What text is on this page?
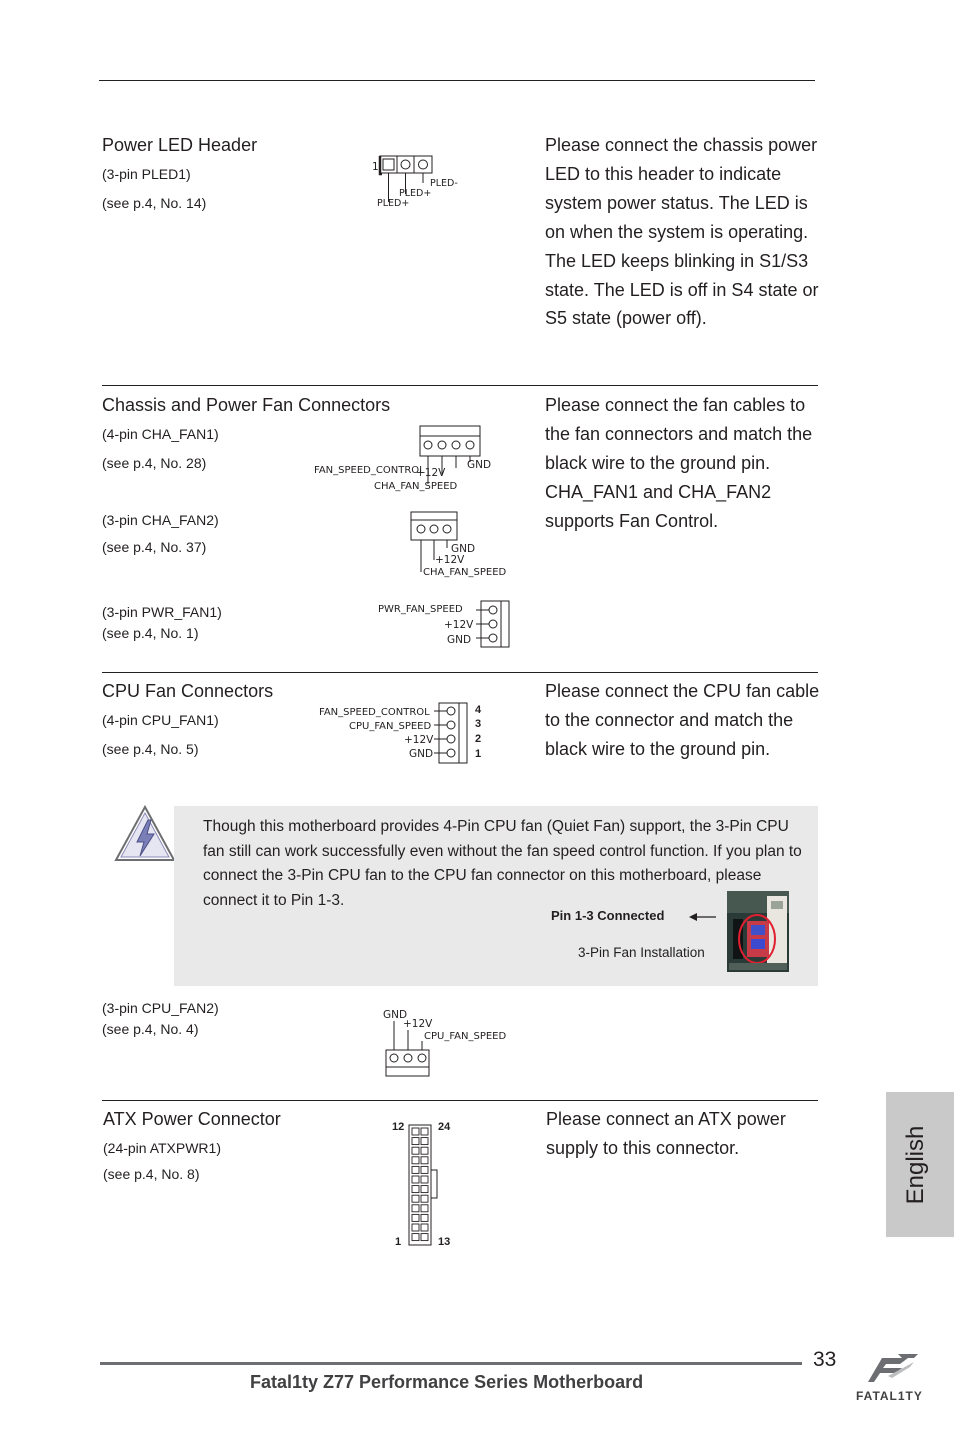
Power LED Header
(3-pin PLED1)
(see p.4, No. 14)
Please connect the chassis power LED to this header to indicate system power status. The LED is on when the system is operating. The LED keeps blinking in S1/S3 state. The LED is off in S4 state or S5 state (power off).
1
PLED-
PLED+
PLED+
Chassis and Power Fan Connectors
(4-pin CHA_FAN1)
(see p.4, No. 28)
(3-pin CHA_FAN2)
(see p.4, No. 37)
(3-pin PWR_FAN1)
(see p.4, No. 1)
Please connect the fan cables to the fan connectors and match the black wire to the ground pin. CHA_FAN1 and CHA_FAN2 supports Fan Control.
GND
+12V
FAN_SPEED_CONTROL
CHA_FAN_SPEED
GND
+12V
CHA_FAN_SPEED
PWR_FAN_SPEED
+12V
GND
CPU Fan Connectors
(4-pin CPU_FAN1)
(see p.4, No. 5)
Please connect the CPU fan cable to the connector and match the black wire to the ground pin.
FAN_SPEED_CONTROL
CPU_FAN_SPEED
+12V
GND
4
3
2
1
Though this motherboard provides 4-Pin CPU fan (Quiet Fan) support, the 3-Pin CPU fan still can work successfully even without the fan speed control function. If you plan to connect the 3-Pin CPU fan to the CPU fan connector on this motherboard, please connect it to Pin 1-3.
Pin 1-3 Connected
3-Pin Fan Installation
(3-pin CPU_FAN2)
(see p.4, No. 4)
GND
+12V
CPU_FAN_SPEED
ATX Power Connector
(24-pin ATXPWR1)
(see p.4, No. 8)
Please connect an ATX power supply to this connector.
12	24
1	13
English
33
Fatal1ty Z77 Performance Series Motherboard
FATAL1TY
